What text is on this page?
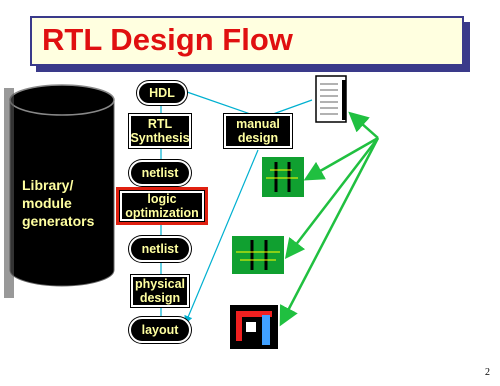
RTL Design Flow
Library/
module
generators
HDL
RTL
Synthesis
manual
design
netlist
logic
optimization
netlist
physical
design
layout
2
